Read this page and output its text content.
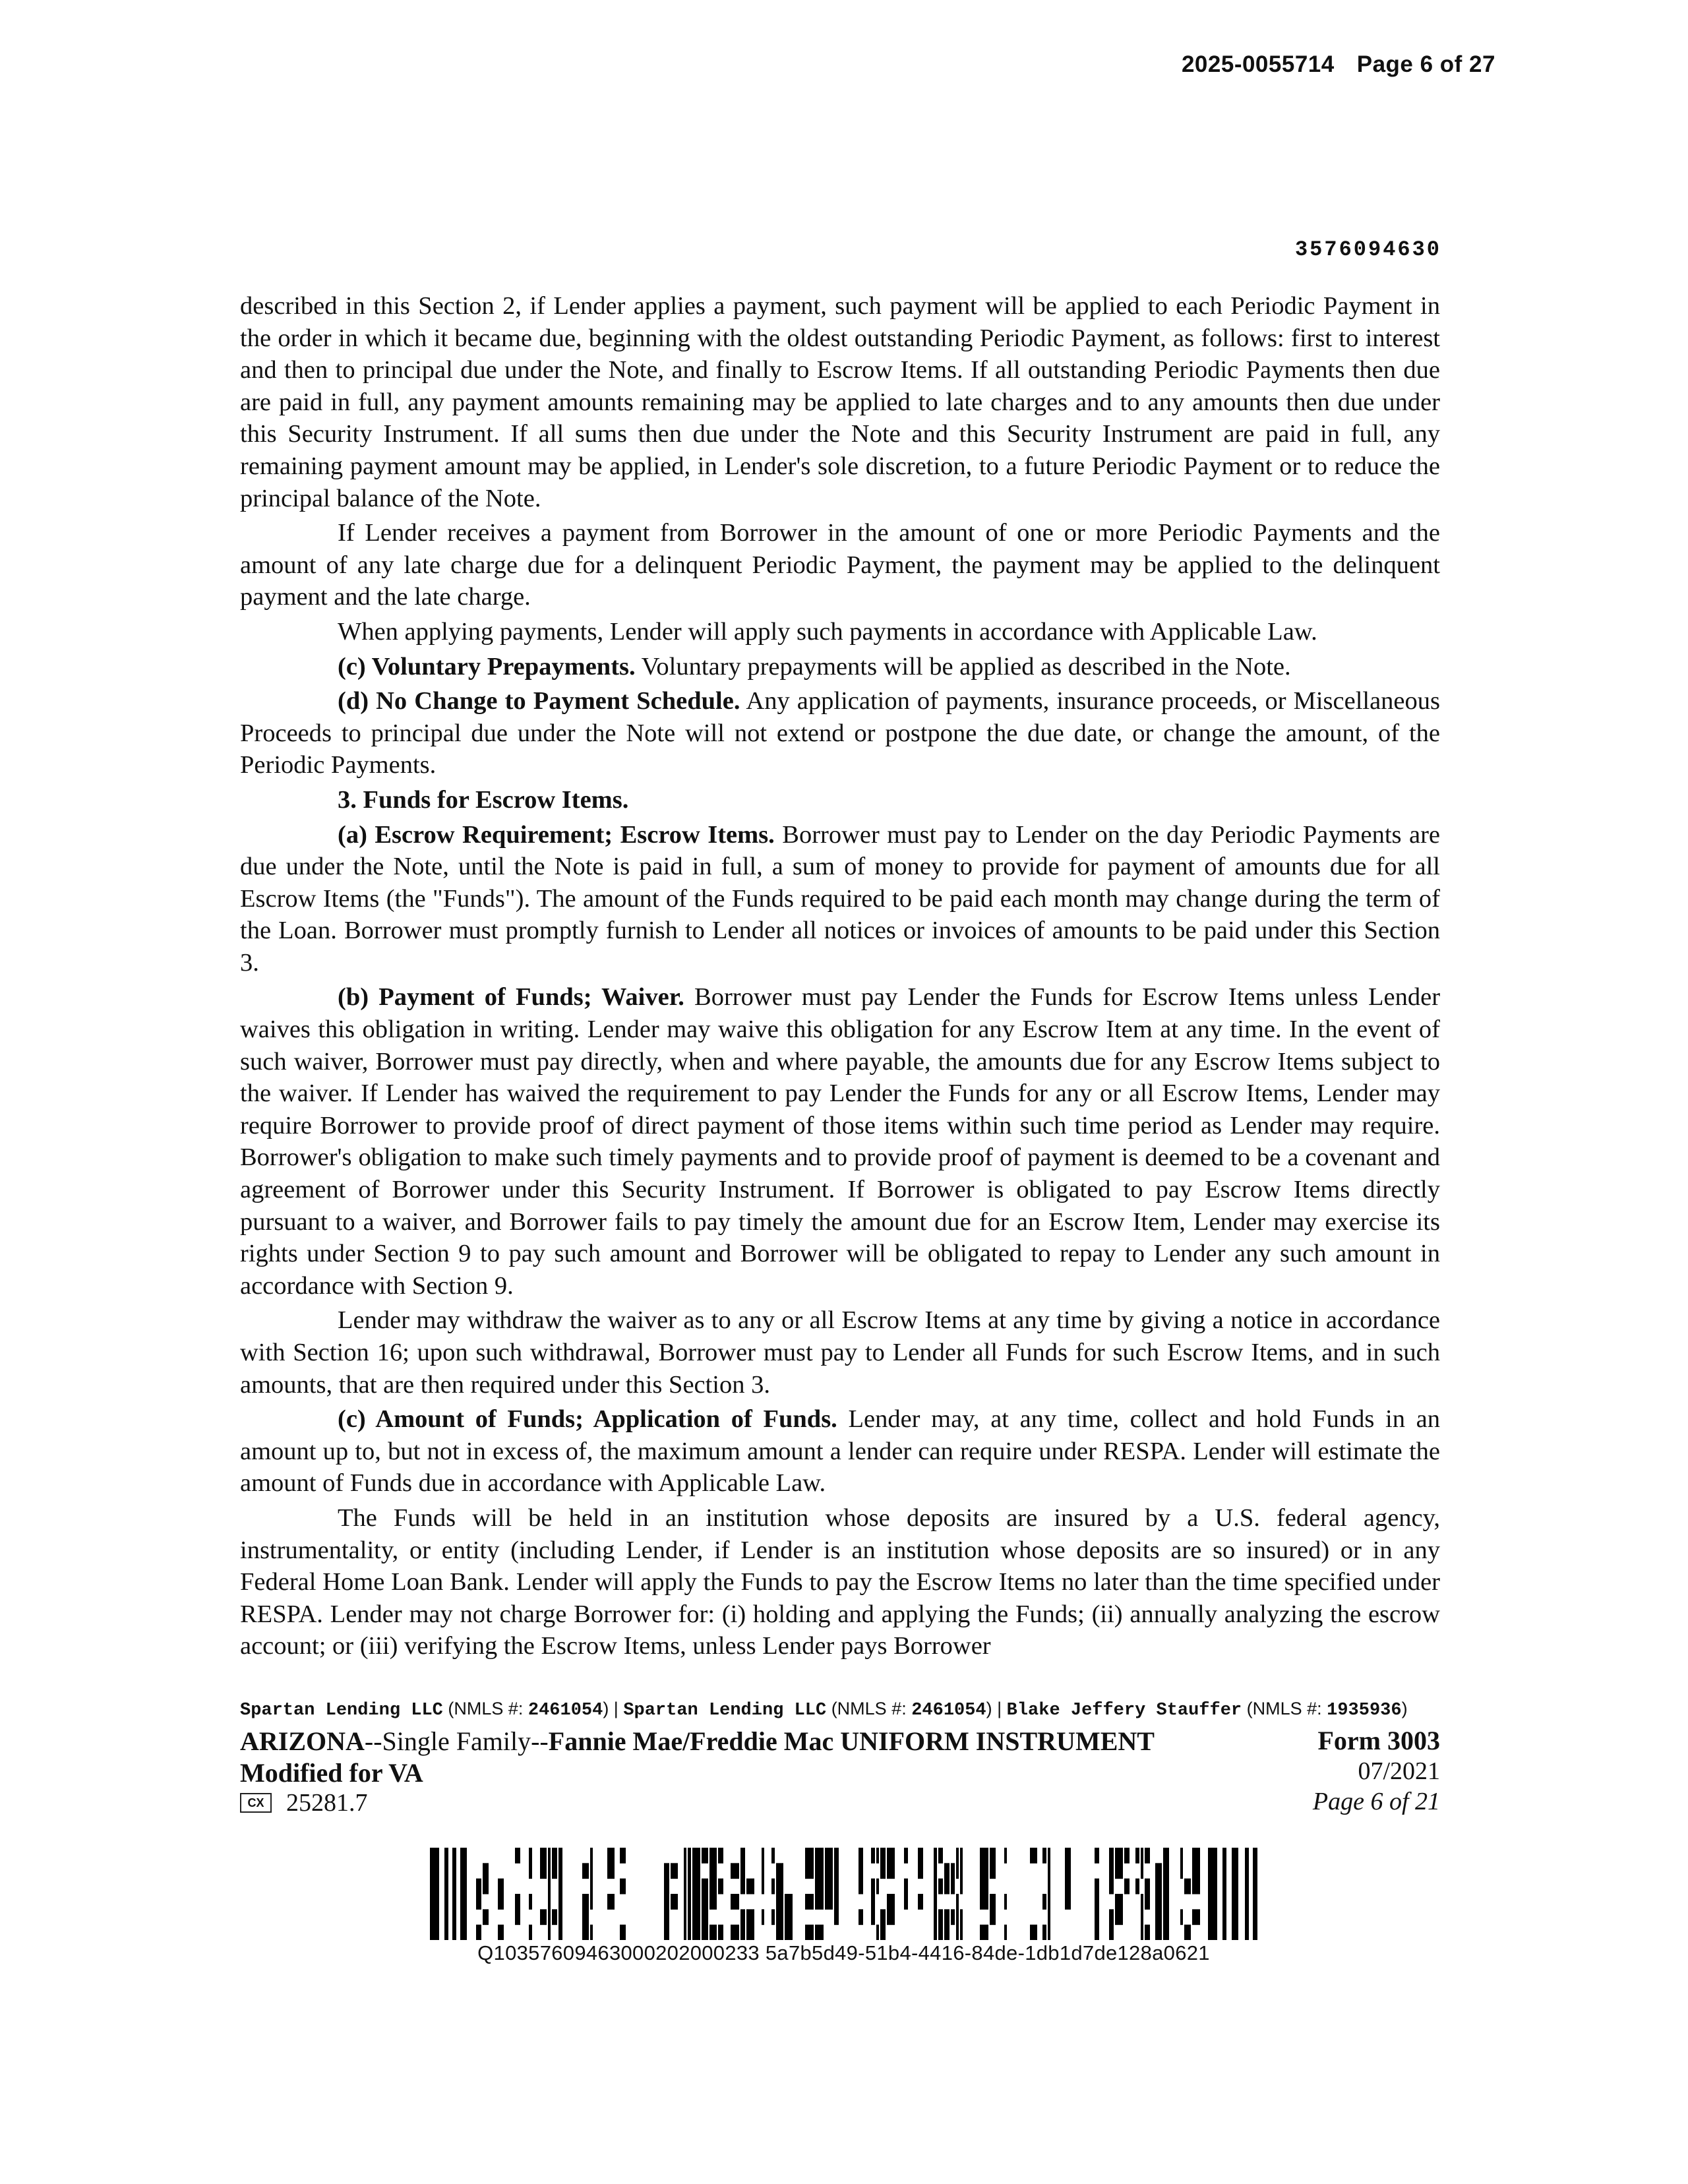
2025-0055714 Page 6 of 27
3576094630

described in this Section 2, if Lender applies a payment, such payment will be applied to each Periodic Payment in the order in which it became due, beginning with the oldest outstanding Periodic Payment, as follows: first to interest and then to principal due under the Note, and finally to Escrow Items. If all outstanding Periodic Payments then due are paid in full, any payment amounts remaining may be applied to late charges and to any amounts then due under this Security Instrument. If all sums then due under the Note and this Security Instrument are paid in full, any remaining payment amount may be applied, in Lender's sole discretion, to a future Periodic Payment or to reduce the principal balance of the Note.

If Lender receives a payment from Borrower in the amount of one or more Periodic Payments and the amount of any late charge due for a delinquent Periodic Payment, the payment may be applied to the delinquent payment and the late charge.

When applying payments, Lender will apply such payments in accordance with Applicable Law.

(c) Voluntary Prepayments. Voluntary prepayments will be applied as described in the Note.

(d) No Change to Payment Schedule. Any application of payments, insurance proceeds, or Miscellaneous Proceeds to principal due under the Note will not extend or postpone the due date, or change the amount, of the Periodic Payments.

3. Funds for Escrow Items.

(a) Escrow Requirement; Escrow Items. Borrower must pay to Lender on the day Periodic Payments are due under the Note, until the Note is paid in full, a sum of money to provide for payment of amounts due for all Escrow Items (the "Funds"). The amount of the Funds required to be paid each month may change during the term of the Loan. Borrower must promptly furnish to Lender all notices or invoices of amounts to be paid under this Section 3.

(b) Payment of Funds; Waiver. Borrower must pay Lender the Funds for Escrow Items unless Lender waives this obligation in writing. Lender may waive this obligation for any Escrow Item at any time. In the event of such waiver, Borrower must pay directly, when and where payable, the amounts due for any Escrow Items subject to the waiver. If Lender has waived the requirement to pay Lender the Funds for any or all Escrow Items, Lender may require Borrower to provide proof of direct payment of those items within such time period as Lender may require. Borrower's obligation to make such timely payments and to provide proof of payment is deemed to be a covenant and agreement of Borrower under this Security Instrument. If Borrower is obligated to pay Escrow Items directly pursuant to a waiver, and Borrower fails to pay timely the amount due for an Escrow Item, Lender may exercise its rights under Section 9 to pay such amount and Borrower will be obligated to repay to Lender any such amount in accordance with Section 9.

Lender may withdraw the waiver as to any or all Escrow Items at any time by giving a notice in accordance with Section 16; upon such withdrawal, Borrower must pay to Lender all Funds for such Escrow Items, and in such amounts, that are then required under this Section 3.

(c) Amount of Funds; Application of Funds. Lender may, at any time, collect and hold Funds in an amount up to, but not in excess of, the maximum amount a lender can require under RESPA. Lender will estimate the amount of Funds due in accordance with Applicable Law.

The Funds will be held in an institution whose deposits are insured by a U.S. federal agency, instrumentality, or entity (including Lender, if Lender is an institution whose deposits are so insured) or in any Federal Home Loan Bank. Lender will apply the Funds to pay the Escrow Items no later than the time specified under RESPA. Lender may not charge Borrower for: (i) holding and applying the Funds; (ii) annually analyzing the escrow account; or (iii) verifying the Escrow Items, unless Lender pays Borrower

Spartan Lending LLC (NMLS #: 2461054) | Spartan Lending LLC (NMLS #: 2461054) | Blake Jeffery Stauffer (NMLS #: 1935936)
ARIZONA--Single Family--Fannie Mae/Freddie Mac UNIFORM INSTRUMENT
Modified for VA
CX 25281.7
Form 3003
07/2021
Page 6 of 21
Q10357609463000202000233 5a7b5d49-51b4-4416-84de-1db1d7de128a0621
